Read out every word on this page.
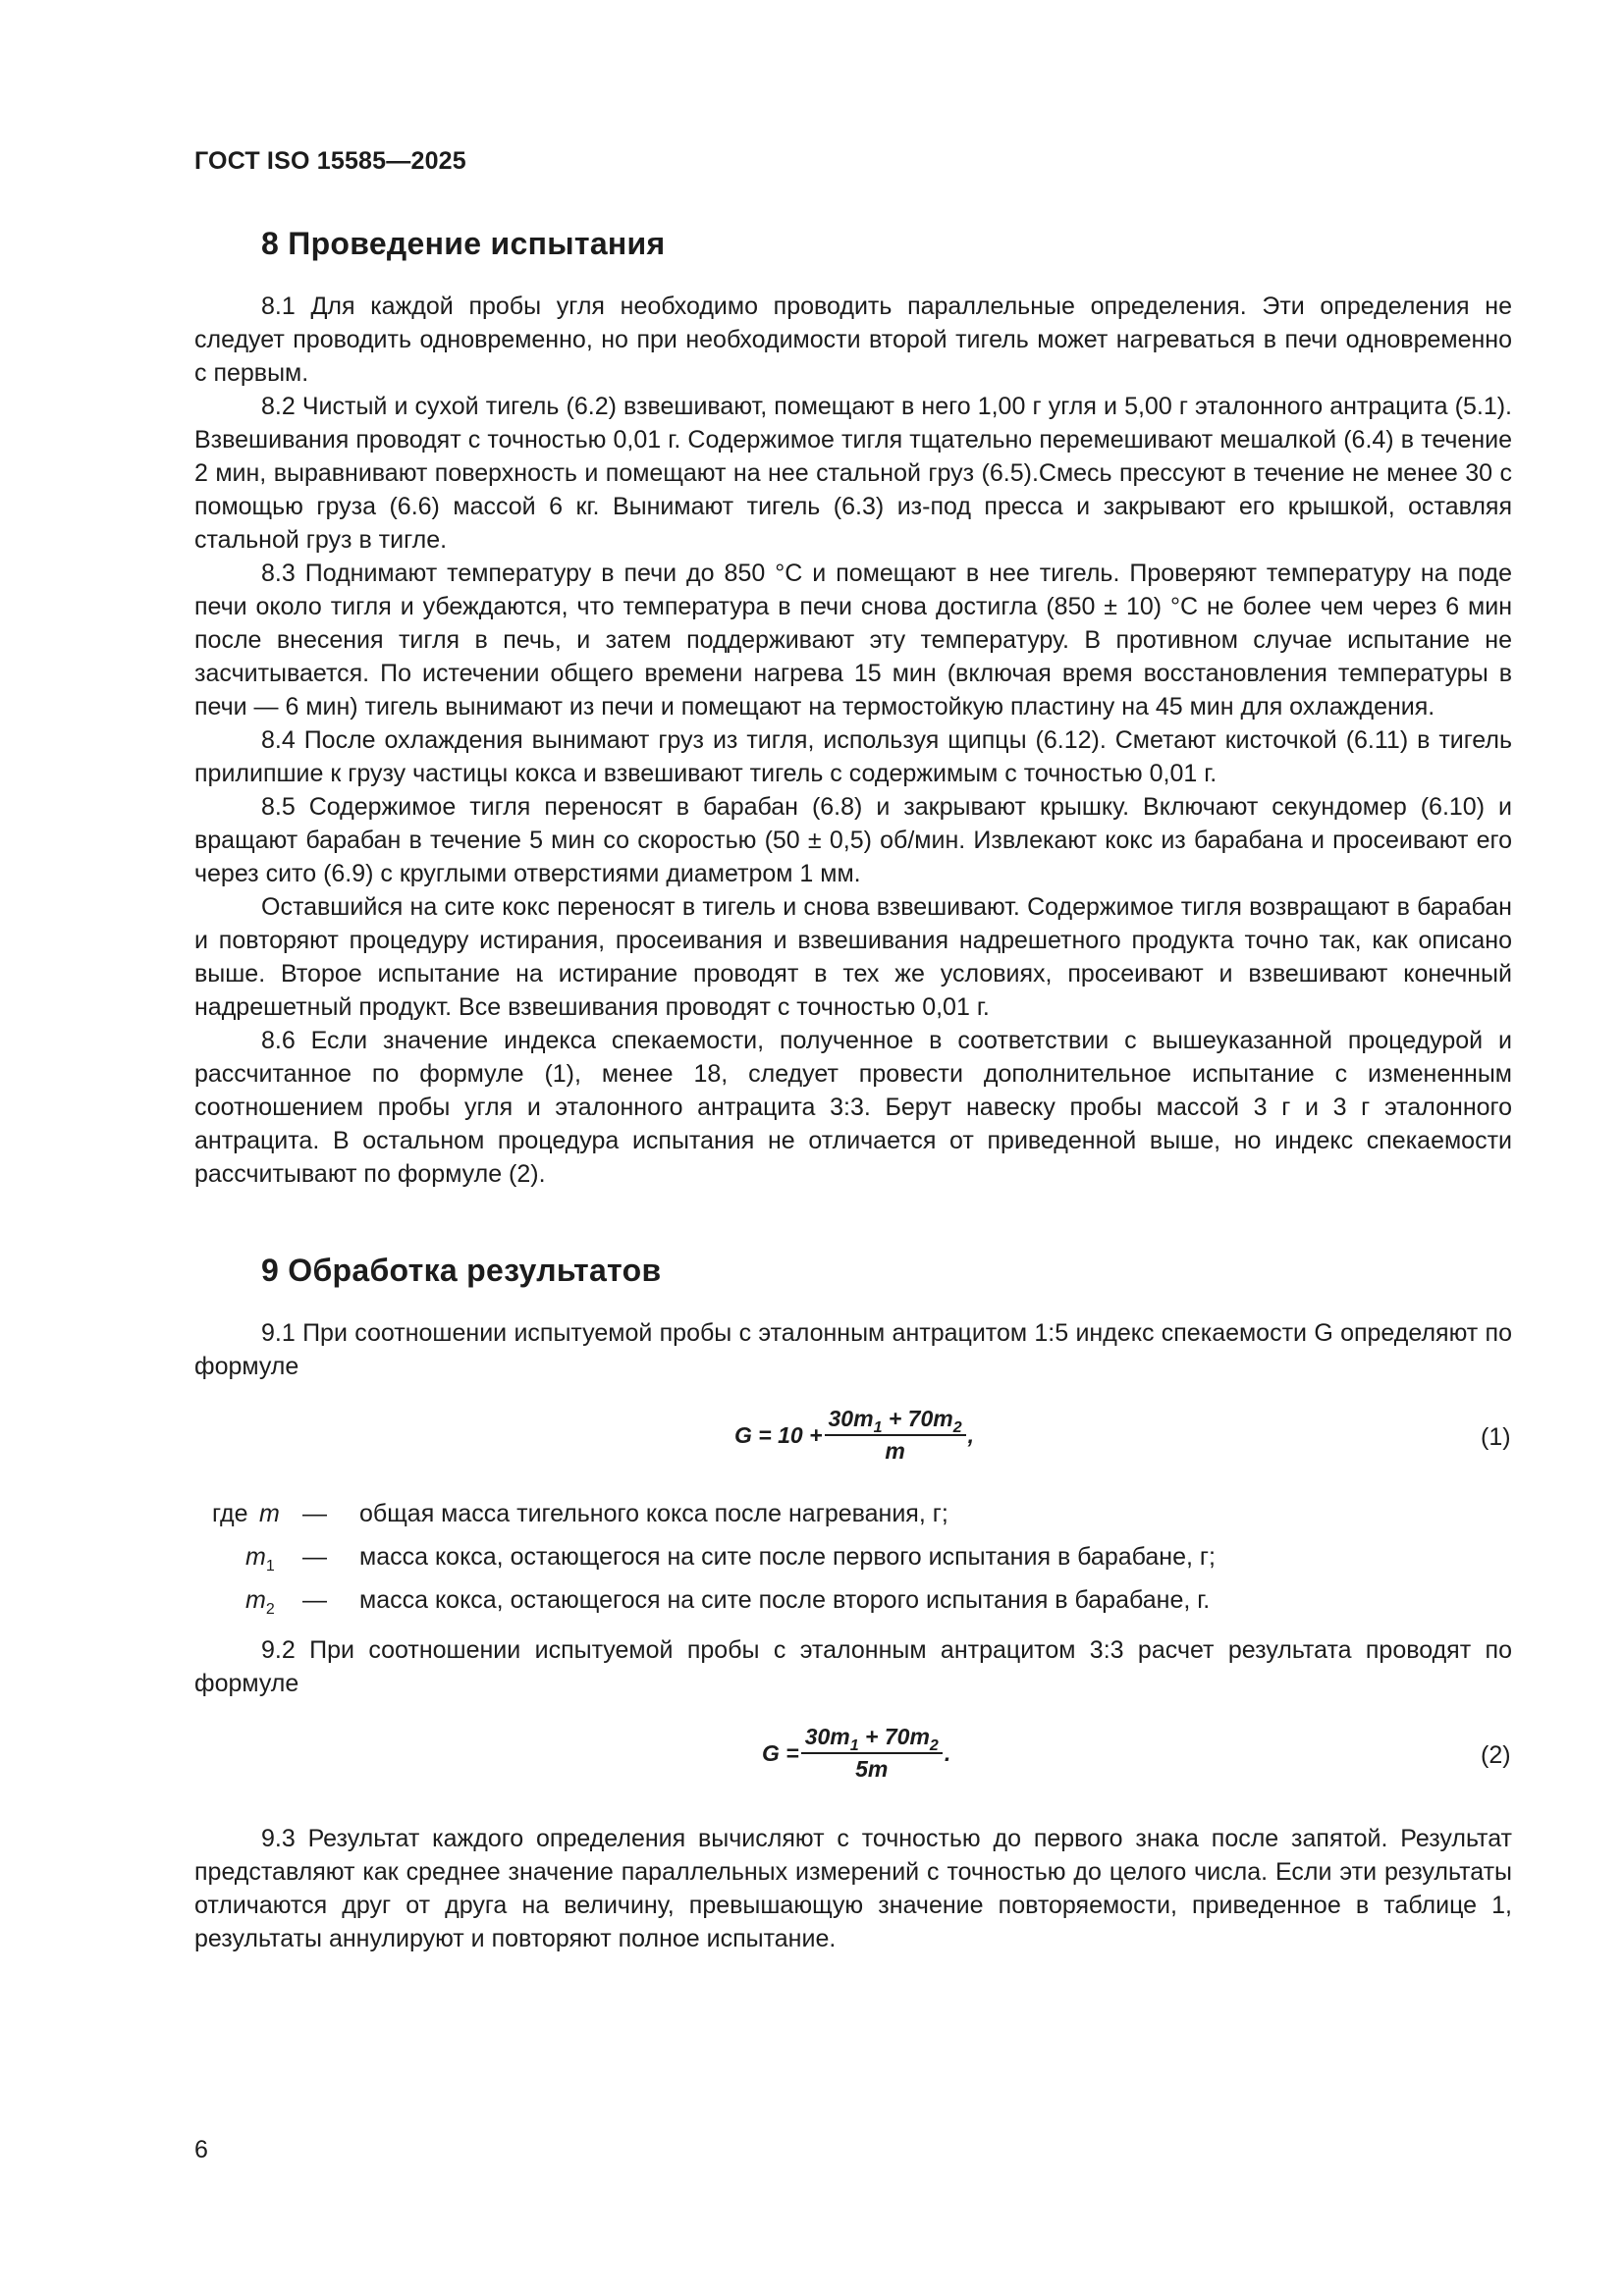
ГОСТ ISO 15585—2025
8 Проведение испытания

8.1 Для каждой пробы угля необходимо проводить параллельные определения. Эти определения не следует проводить одновременно, но при необходимости второй тигель может нагреваться в печи одновременно с первым.

8.2 Чистый и сухой тигель (6.2) взвешивают, помещают в него 1,00 г угля и 5,00 г эталонного антрацита (5.1). Взвешивания проводят с точностью 0,01 г. Содержимое тигля тщательно перемешивают мешалкой (6.4) в течение 2 мин, выравнивают поверхность и помещают на нее стальной груз (6.5).Смесь прессуют в течение не менее 30 с помощью груза (6.6) массой 6 кг. Вынимают тигель (6.3) из-под пресса и закрывают его крышкой, оставляя стальной груз в тигле.

8.3 Поднимают температуру в печи до 850 °С и помещают в нее тигель. Проверяют температуру на поде печи около тигля и убеждаются, что температура в печи снова достигла (850 ± 10) °С не более чем через 6 мин после внесения тигля в печь, и затем поддерживают эту температуру. В противном случае испытание не засчитывается. По истечении общего времени нагрева 15 мин (включая время восстановления температуры в печи — 6 мин) тигель вынимают из печи и помещают на термостойкую пластину на 45 мин для охлаждения.

8.4 После охлаждения вынимают груз из тигля, используя щипцы (6.12). Сметают кисточкой (6.11) в тигель прилипшие к грузу частицы кокса и взвешивают тигель с содержимым с точностью 0,01 г.

8.5 Содержимое тигля переносят в барабан (6.8) и закрывают крышку. Включают секундомер (6.10) и вращают барабан в течение 5 мин со скоростью (50 ± 0,5) об/мин. Извлекают кокс из барабана и просеивают его через сито (6.9) с круглыми отверстиями диаметром 1 мм.

Оставшийся на сите кокс переносят в тигель и снова взвешивают. Содержимое тигля возвращают в барабан и повторяют процедуру истирания, просеивания и взвешивания надрешетного продукта точно так, как описано выше. Второе испытание на истирание проводят в тех же условиях, просеивают и взвешивают конечный надрешетный продукт. Все взвешивания проводят с точностью 0,01 г.

8.6 Если значение индекса спекаемости, полученное в соответствии с вышеуказанной процедурой и рассчитанное по формуле (1), менее 18, следует провести дополнительное испытание с измененным соотношением пробы угля и эталонного антрацита 3:3. Берут навеску пробы массой 3 г и 3 г эталонного антрацита. В остальном процедура испытания не отличается от приведенной выше, но индекс спекаемости рассчитывают по формуле (2).

9 Обработка результатов

9.1 При соотношении испытуемой пробы с эталонным антрацитом 1:5 индекс спекаемости G определяют по формуле

$G = 10 + \frac{30m_1 + 70m_2}{m}$ ,	(1)
где m — общая масса тигельного кокса после нагревания, г;
$m_1$ — масса кокса, остающегося на сите после первого испытания в барабане, г;
$m_2$ — масса кокса, остающегося на сите после второго испытания в барабане, г.

9.2 При соотношении испытуемой пробы с эталонным антрацитом 3:3 расчет результата проводят по формуле

$G = \frac{30m_1 + 70m_2}{5m}$ .	(2)

9.3 Результат каждого определения вычисляют с точностью до первого знака после запятой. Результат представляют как среднее значение параллельных измерений с точностью до целого числа. Если эти результаты отличаются друг от друга на величину, превышающую значение повторяемости, приведенное в таблице 1, результаты аннулируют и повторяют полное испытание.

6
